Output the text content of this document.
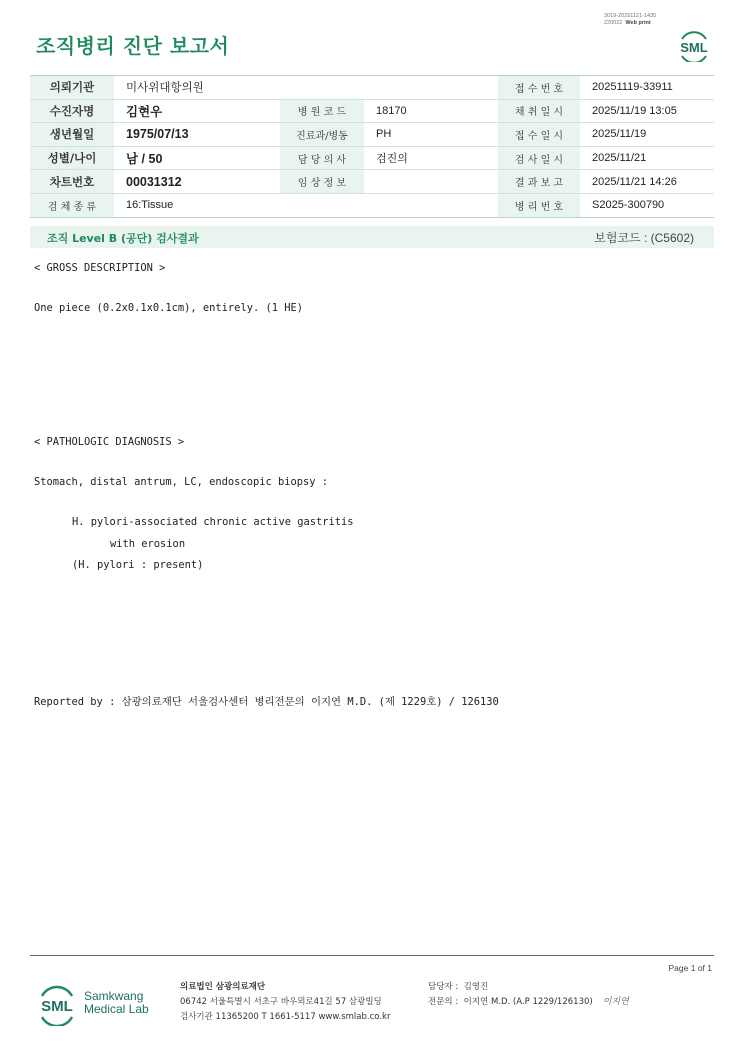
조직병리 진단 보고서
3019-20251121-1435
220022 Web print
SML
의뢰기관	미사위대항의원			접 수 번 호	20251119-33911
수진자명	김현우	병 원 코 드	18170	채 취 일 시	2025/11/19 13:05
생년월일	1975/07/13	진료과/병동	PH	접 수 일 시	2025/11/19
성별/나이	남 / 50	담 당 의 사	검진의	검 사 일 시	2025/11/21
차트번호	00031312	임 상 정 보		결 과 보 고	2025/11/21 14:26
검 체 종 류	16:Tissue			병 리 번 호	S2025-300790
조직 Level B (공단) 검사결과	보험코드 : (C5602)
< GROSS DESCRIPTION >
One piece (0.2x0.1x0.1cm), entirely. (1 HE)
< PATHOLOGIC DIAGNOSIS >
Stomach, distal antrum, LC, endoscopic biopsy :
H. pylori-associated chronic active gastritis
with erosion
(H. pylori : present)
Reported by : 삼광의료재단 서울검사센터 병리전문의 이지연 M.D. (제 1229호) / 126130
Page 1 of 1
SML
Samkwang
Medical Lab
의료법인 삼광의료재단
06742 서울특별시 서초구 바우뫼로41길 57 삼광빌딩
검사기관 11365200 T 1661-5117 www.smlab.co.kr
담당자 : 김영진
전문의 : 이지연 M.D. (A.P 1229/126130) 이지연
